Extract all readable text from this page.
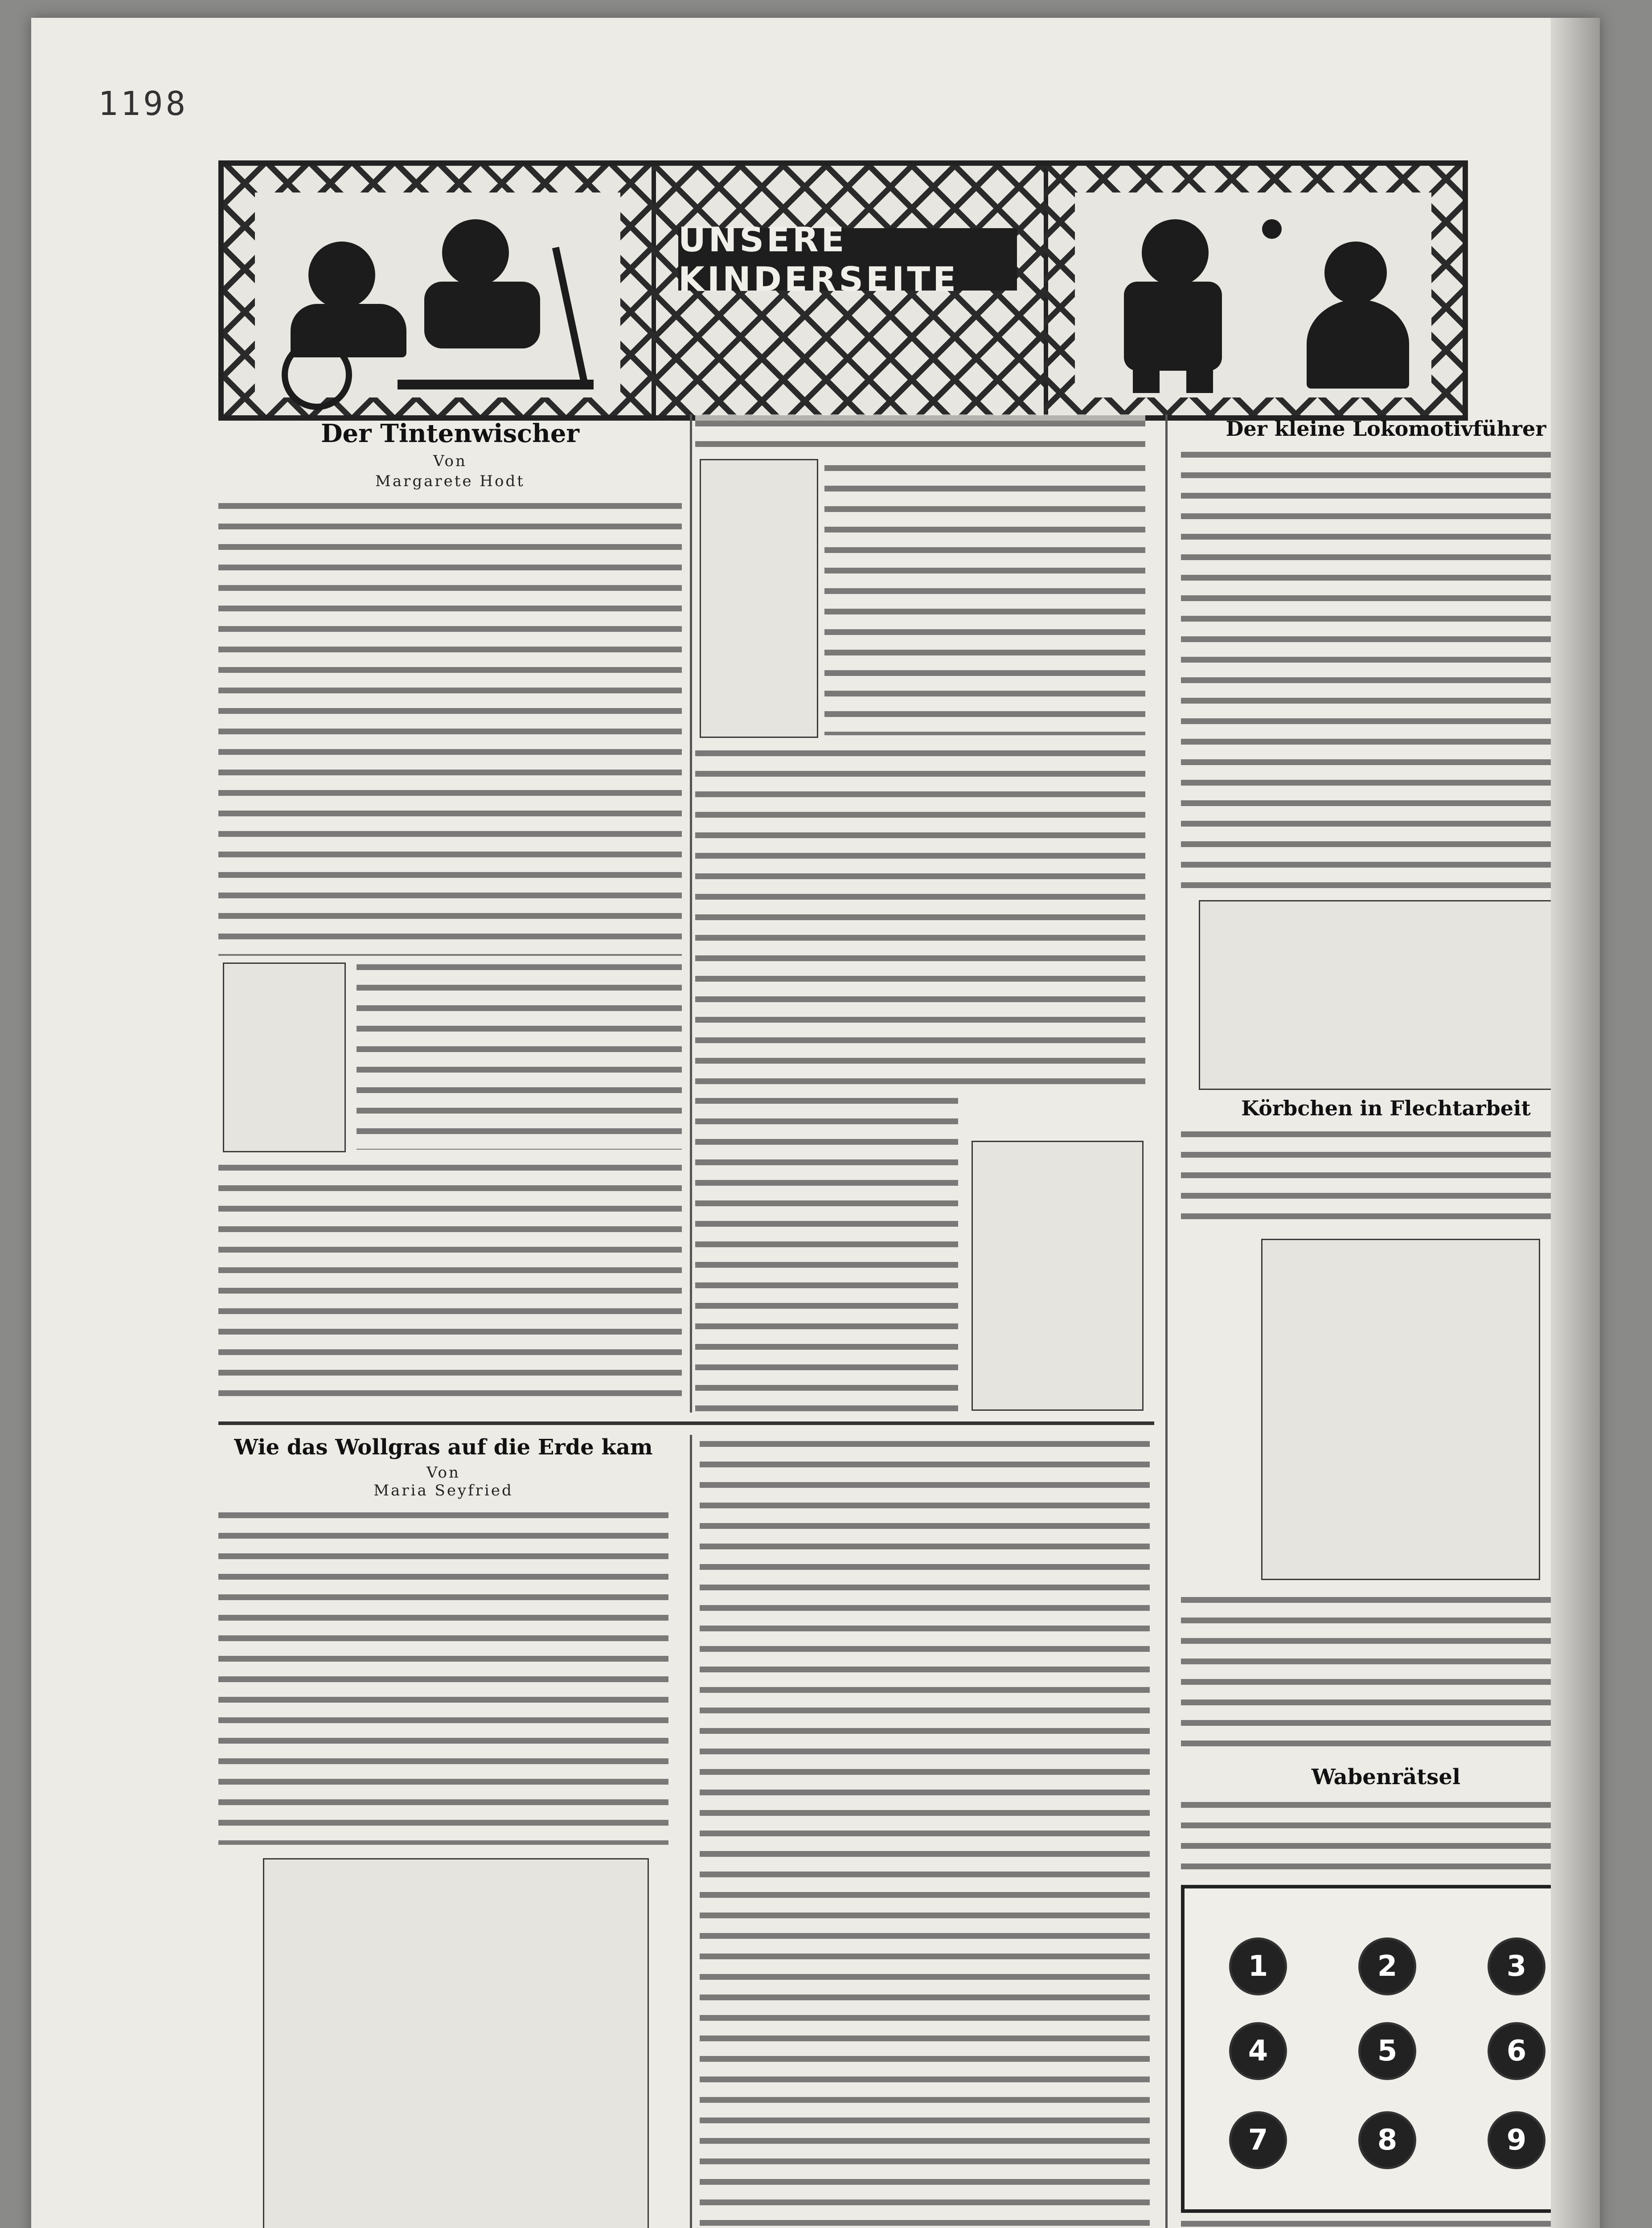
1198
UNSERE KINDERSEITE
Der Tintenwischer
Von
Margarete Hodt
Wie das Wollgras auf die Erde kam
Von
Maria Seyfried
Der kleine Lokomotivführer
Körbchen in Flechtarbeit
Wabenrätsel
1	2	3
4	5	6
7	8	9
